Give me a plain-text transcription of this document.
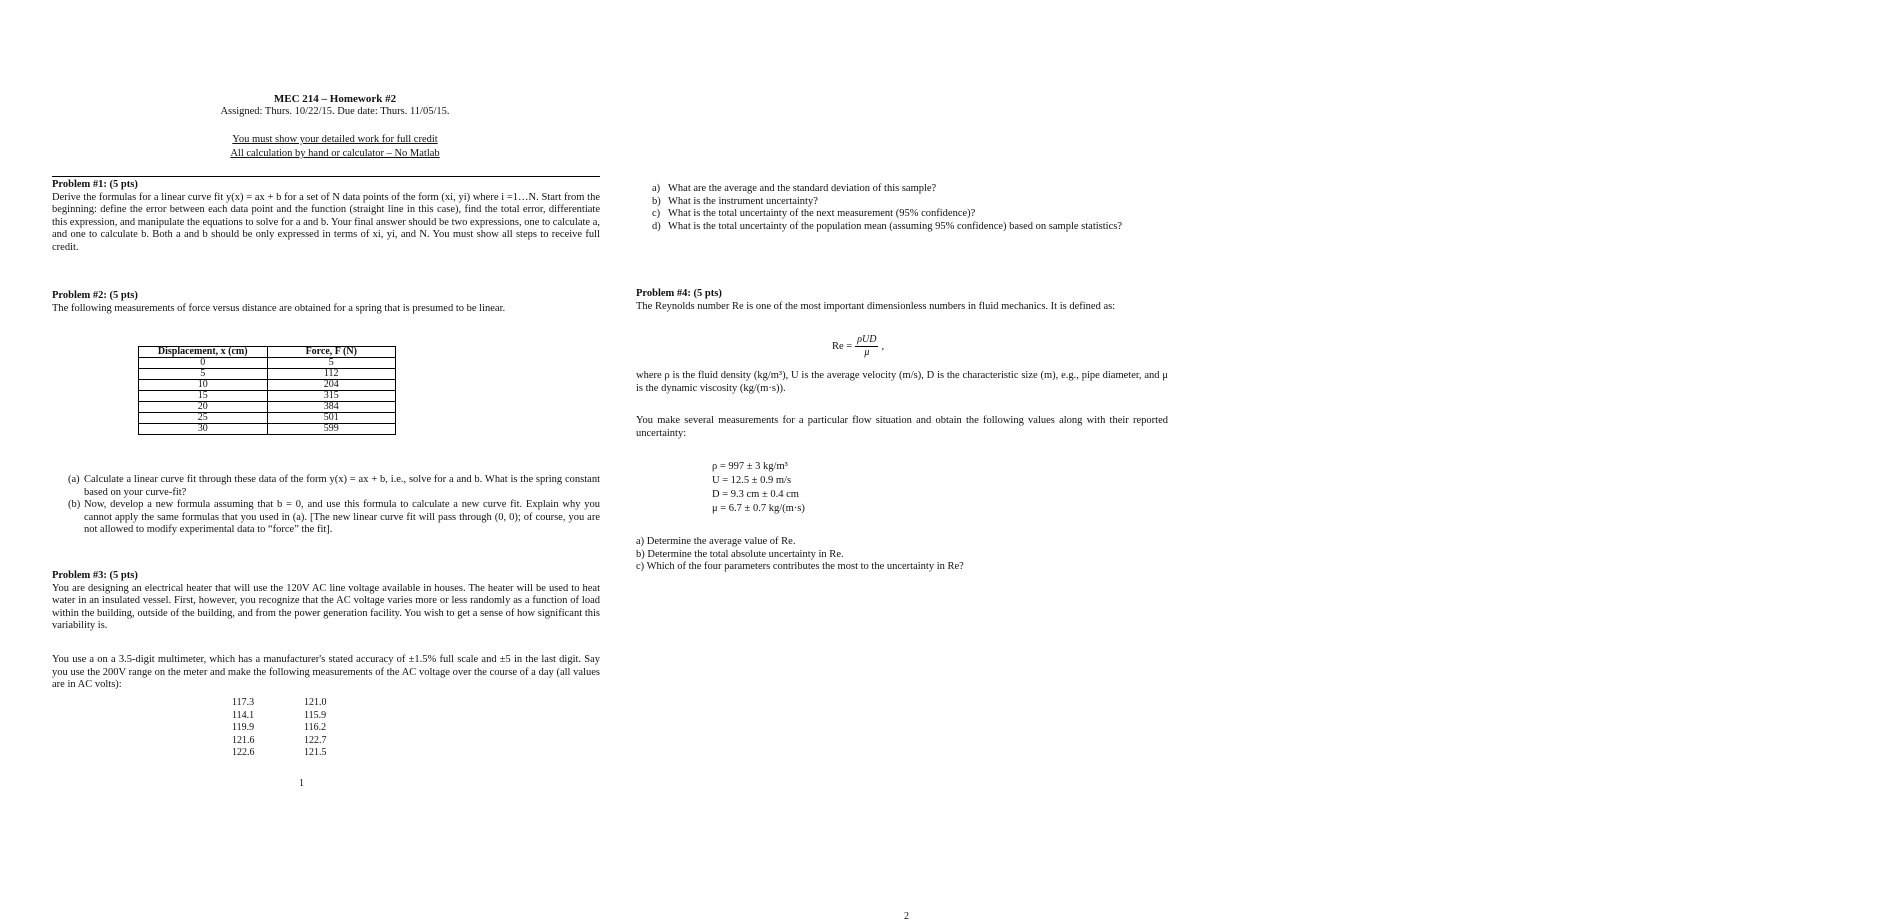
MEC 214 – Homework #2
Assigned: Thurs. 10/22/15. Due date: Thurs. 11/05/15.
You must show your detailed work for full credit
All calculation by hand or calculator – No Matlab
Problem #1: (5 pts)
Derive the formulas for a linear curve fit y(x) = ax + b for a set of N data points of the form (xi, yi) where i =1…N. Start from the beginning: define the error between each data point and the function (straight line in this case), find the total error, differentiate this expression, and manipulate the equations to solve for a and b. Your final answer should be two expressions, one to calculate a, and one to calculate b. Both a and b should be only expressed in terms of xi, yi, and N. You must show all steps to receive full credit.
Problem #2: (5 pts)
The following measurements of force versus distance are obtained for a spring that is presumed to be linear.
Displacement, x (cm)	Force, F (N)
0	5
5	112
10	204
15	315
20	384
25	501
30	599
(a) Calculate a linear curve fit through these data of the form y(x) = ax + b, i.e., solve for a and b. What is the spring constant based on your curve-fit?
(b) Now, develop a new formula assuming that b = 0, and use this formula to calculate a new curve fit. Explain why you cannot apply the same formulas that you used in (a). [The new linear curve fit will pass through (0, 0); of course, you are not allowed to modify experimental data to “force” the fit].
Problem #3: (5 pts)
You are designing an electrical heater that will use the 120V AC line voltage available in houses. The heater will be used to heat water in an insulated vessel. First, however, you recognize that the AC voltage varies more or less randomly as a function of load within the building, outside of the building, and from the power generation facility. You wish to get a sense of how significant this variability is.
You use a on a 3.5-digit multimeter, which has a manufacturer's stated accuracy of ±1.5% full scale and ±5 in the last digit. Say you use the 200V range on the meter and make the following measurements of the AC voltage over the course of a day (all values are in AC volts):
117.3	121.0
114.1	115.9
119.9	116.2
121.6	122.7
122.6	121.5
1
a) What are the average and the standard deviation of this sample?
b) What is the instrument uncertainty?
c) What is the total uncertainty of the next measurement (95% confidence)?
d) What is the total uncertainty of the population mean (assuming 95% confidence) based on sample statistics?
Problem #4: (5 pts)
The Reynolds number Re is one of the most important dimensionless numbers in fluid mechanics. It is defined as:
$Re = \frac{\text{ρUD}}{\mu}$ ,
where ρ is the fluid density (kg/m³), U is the average velocity (m/s), D is the characteristic size (m), e.g., pipe diameter, and μ is the dynamic viscosity (kg/(m·s)).
You make several measurements for a particular flow situation and obtain the following values along with their reported uncertainty:
ρ = 997 ± 3 kg/m³
U = 12.5 ± 0.9 m/s
D = 9.3 cm ± 0.4 cm
μ = 6.7 ± 0.7 kg/(m·s)
a) Determine the average value of Re.
b) Determine the total absolute uncertainty in Re.
c) Which of the four parameters contributes the most to the uncertainty in Re?
2
